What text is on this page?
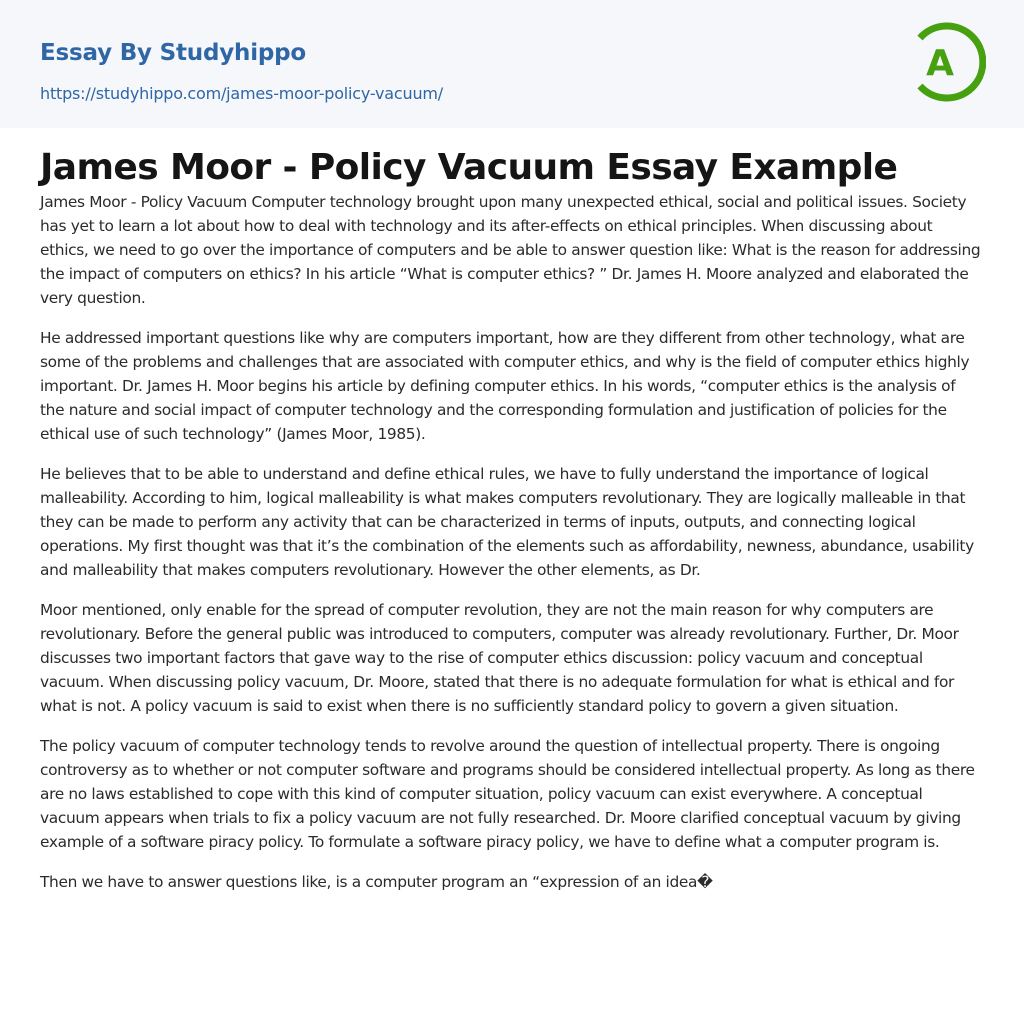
Essay By Studyhippo
https://studyhippo.com/james-moor-policy-vacuum/
A
James Moor - Policy Vacuum Essay Example

James Moor - Policy Vacuum Computer technology brought upon many unexpected ethical, social and political issues. Society has yet to learn a lot about how to deal with technology and its after-effects on ethical principles. When discussing about ethics, we need to go over the importance of computers and be able to answer question like: What is the reason for addressing the impact of computers on ethics? In his article “What is computer ethics? ” Dr. James H. Moore analyzed and elaborated the very question.

He addressed important questions like why are computers important, how are they different from other technology, what are some of the problems and challenges that are associated with computer ethics, and why is the field of computer ethics highly important. Dr. James H. Moor begins his article by defining computer ethics. In his words, “computer ethics is the analysis of the nature and social impact of computer technology and the corresponding formulation and justification of policies for the ethical use of such technology” (James Moor, 1985).

He believes that to be able to understand and define ethical rules, we have to fully understand the importance of logical malleability. According to him, logical malleability is what makes computers revolutionary. They are logically malleable in that they can be made to perform any activity that can be characterized in terms of inputs, outputs, and connecting logical operations. My first thought was that it’s the combination of the elements such as affordability, newness, abundance, usability and malleability that makes computers revolutionary. However the other elements, as Dr.

Moor mentioned, only enable for the spread of computer revolution, they are not the main reason for why computers are revolutionary. Before the general public was introduced to computers, computer was already revolutionary. Further, Dr. Moor discusses two important factors that gave way to the rise of computer ethics discussion: policy vacuum and conceptual vacuum. When discussing policy vacuum, Dr. Moore, stated that there is no adequate formulation for what is ethical and for what is not. A policy vacuum is said to exist when there is no sufficiently standard policy to govern a given situation.

The policy vacuum of computer technology tends to revolve around the question of intellectual property. There is ongoing controversy as to whether or not computer software and programs should be considered intellectual property. As long as there are no laws established to cope with this kind of computer situation, policy vacuum can exist everywhere. A conceptual vacuum appears when trials to fix a policy vacuum are not fully researched. Dr. Moore clarified conceptual vacuum by giving example of a software piracy policy. To formulate a software piracy policy, we have to define what a computer program is.

Then we have to answer questions like, is a computer program an “expression of an idea�
